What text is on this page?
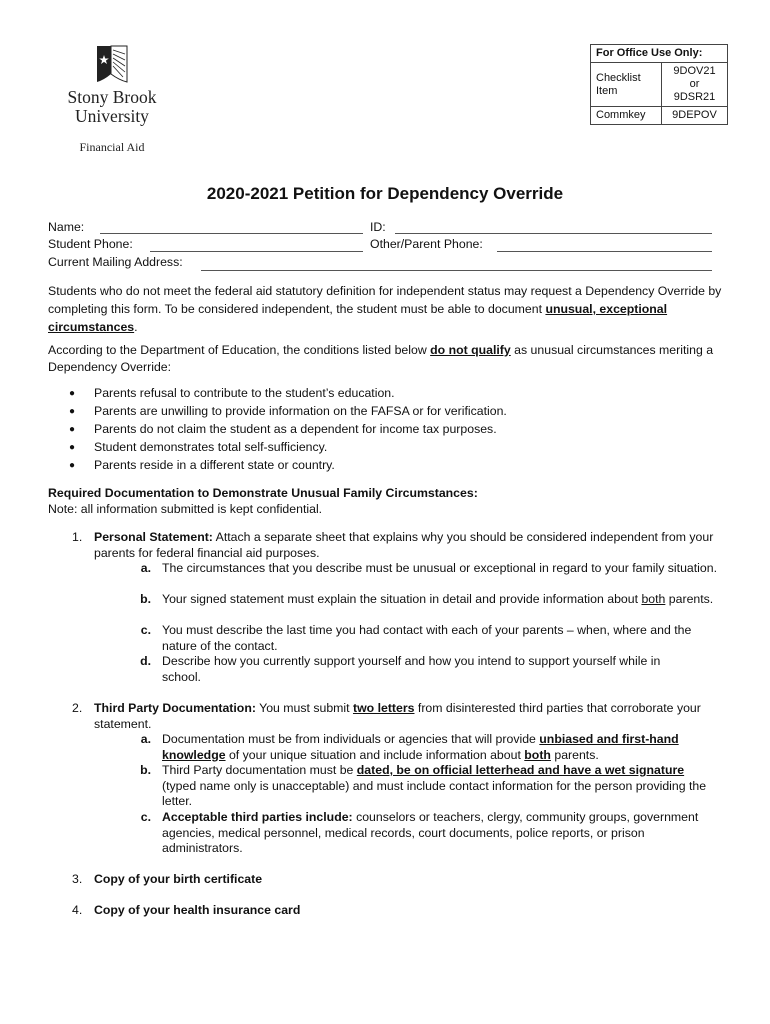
Stony Brook
University
Financial Aid
For Office Use Only:	
Checklist Item	9DOV21
or
9DSR21

Commkey	9DEPOV
2020-2021 Petition for Dependency Override
Name:	ID:
Student Phone:	Other/Parent Phone:
Current Mailing Address:
Students who do not meet the federal aid statutory definition for independent status may request a Dependency Override by completing this form. To be considered independent, the student must be able to document unusual, exceptional circumstances.
According to the Department of Education, the conditions listed below do not qualify as unusual circumstances meriting a Dependency Override:
●	Parents refusal to contribute to the student’s education.
●	Parents are unwilling to provide information on the FAFSA or for verification.
●	Parents do not claim the student as a dependent for income tax purposes.
●	Student demonstrates total self-sufficiency.
●	Parents reside in a different state or country.
Required Documentation to Demonstrate Unusual Family Circumstances:
Note: all information submitted is kept confidential.
1. Personal Statement: Attach a separate sheet that explains why you should be considered independent from your parents for federal financial aid purposes.
a. The circumstances that you describe must be unusual or exceptional in regard to your family situation.
b. Your signed statement must explain the situation in detail and provide information about both parents.
c. You must describe the last time you had contact with each of your parents – when, where and the nature of the contact.
d. Describe how you currently support yourself and how you intend to support yourself while in school.
2. Third Party Documentation: You must submit two letters from disinterested third parties that corroborate your statement.
a. Documentation must be from individuals or agencies that will provide unbiased and first-hand knowledge of your unique situation and include information about both parents.
b. Third Party documentation must be dated, be on official letterhead and have a wet signature (typed name only is unacceptable) and must include contact information for the person providing the letter.
c. Acceptable third parties include: counselors or teachers, clergy, community groups, government agencies, medical personnel, medical records, court documents, police reports, or prison administrators.
3. Copy of your birth certificate
4. Copy of your health insurance card
